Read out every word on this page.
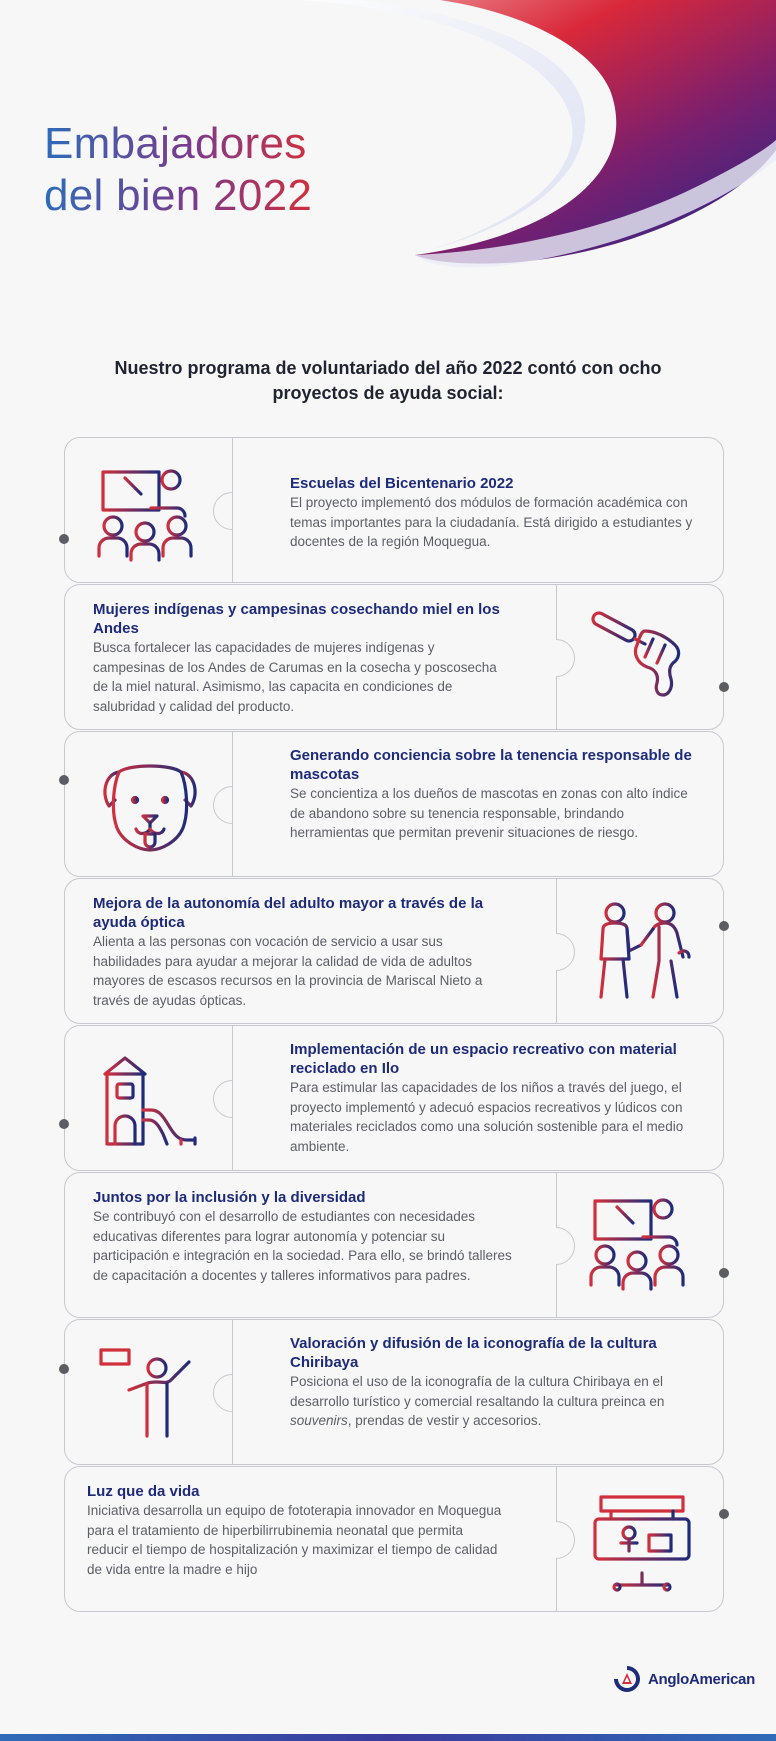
Embajadores
del bien 2022

Nuestro programa de voluntariado del año 2022 contó con ocho proyectos de ayuda social:

Escuelas del Bicentenario 2022

El proyecto implementó dos módulos de formación académica con temas importantes para la ciudadanía. Está dirigido a estudiantes y docentes de la región Moquegua.

Mujeres indígenas y campesinas cosechando miel en los Andes

Busca fortalecer las capacidades de mujeres indígenas y campesinas de los Andes de Carumas en la cosecha y poscosecha de la miel natural. Asimismo, las capacita en condiciones de salubridad y calidad del producto.

Generando conciencia sobre la tenencia responsable de mascotas

Se concientiza a los dueños de mascotas en zonas con alto índice de abandono sobre su tenencia responsable, brindando herramientas que permitan prevenir situaciones de riesgo.

Mejora de la autonomía del adulto mayor a través de la ayuda óptica

Alienta a las personas con vocación de servicio a usar sus habilidades para ayudar a mejorar la calidad de vida de adultos mayores de escasos recursos en la provincia de Mariscal Nieto a través de ayudas ópticas.

Implementación de un espacio recreativo con material reciclado en Ilo

Para estimular las capacidades de los niños a través del juego, el proyecto implementó y adecuó espacios recreativos y lúdicos con materiales reciclados como una solución sostenible para el medio ambiente.

Juntos por la inclusión y la diversidad

Se contribuyó con el desarrollo de estudiantes con necesidades educativas diferentes para lograr autonomía y potenciar su participación e integración en la sociedad. Para ello, se brindó talleres de capacitación a docentes y talleres informativos para padres.

Valoración y difusión de la iconografía de la cultura Chiribaya

Posiciona el uso de la iconografía de la cultura Chiribaya en el desarrollo turístico y comercial resaltando la cultura preinca en souvenirs, prendas de vestir y accesorios.

Luz que da vida

Iniciativa desarrolla un equipo de fototerapia innovador en Moquegua para el tratamiento de hiperbilirrubinemia neonatal que permita reducir el tiempo de hospitalización y maximizar el tiempo de calidad de vida entre la madre e hijo

AngloAmerican
